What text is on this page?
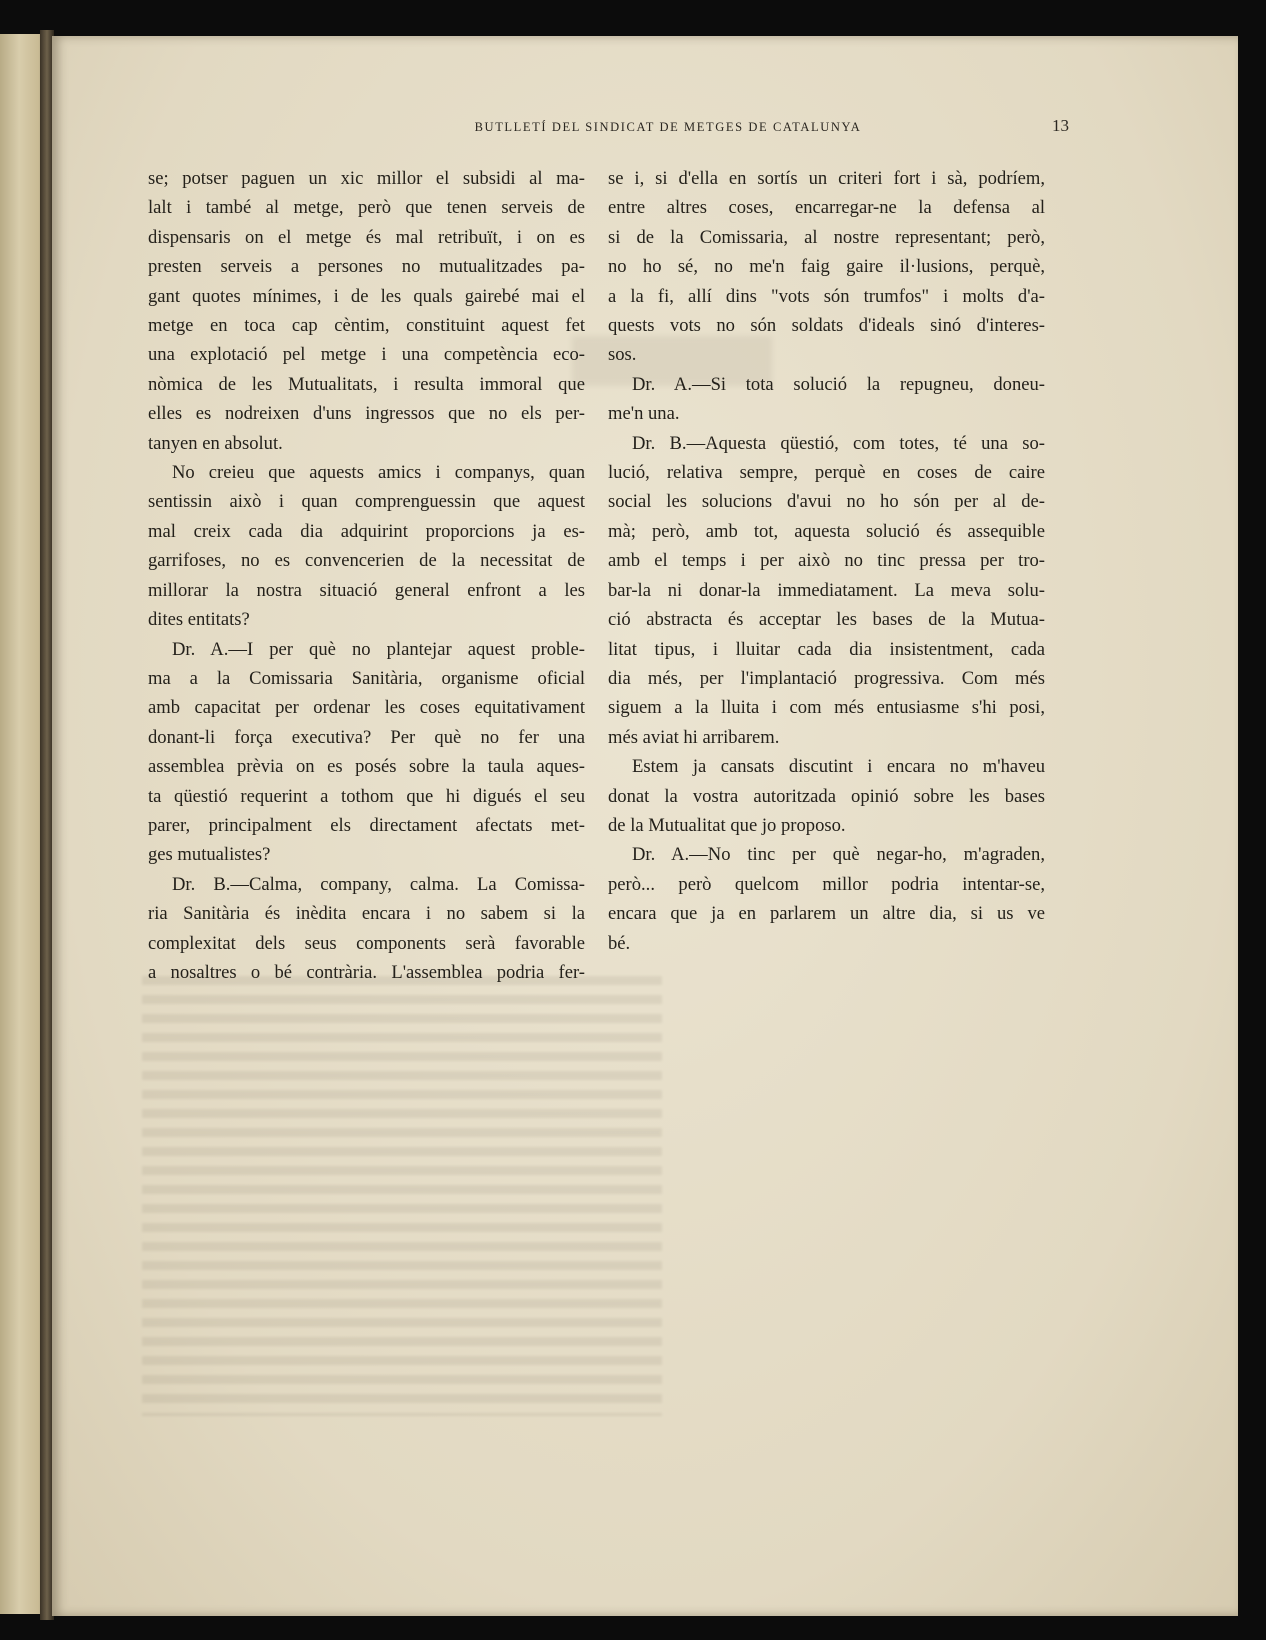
BUTLLETÍ DEL SINDICAT DE METGES DE CATALUNYA	13
se; potser paguen un xic millor el subsidi al ma-
lalt i també al metge, però que tenen serveis de
dispensaris on el metge és mal retribuït, i on es
presten serveis a persones no mutualitzades pa-
gant quotes mínimes, i de les quals gairebé mai el
metge en toca cap cèntim, constituint aquest fet
una explotació pel metge i una competència eco-
nòmica de les Mutualitats, i resulta immoral que
elles es nodreixen d'uns ingressos que no els per-
tanyen en absolut.
No creieu que aquests amics i companys, quan
sentissin això i quan comprenguessin que aquest
mal creix cada dia adquirint proporcions ja es-
garrifoses, no es convencerien de la necessitat de
millorar la nostra situació general enfront a les
dites entitats?
Dr. A.—I per què no plantejar aquest proble-
ma a la Comissaria Sanitària, organisme oficial
amb capacitat per ordenar les coses equitativament
donant-li força executiva? Per què no fer una
assemblea prèvia on es posés sobre la taula aques-
ta qüestió requerint a tothom que hi digués el seu
parer, principalment els directament afectats met-
ges mutualistes?
Dr. B.—Calma, company, calma. La Comissa-
ria Sanitària és inèdita encara i no sabem si la
complexitat dels seus components serà favorable
a nosaltres o bé contrària. L'assemblea podria fer-
se i, si d'ella en sortís un criteri fort i sà, podríem,
entre altres coses, encarregar-ne la defensa al
si de la Comissaria, al nostre representant; però,
no ho sé, no me'n faig gaire il·lusions, perquè,
a la fi, allí dins "vots són trumfos" i molts d'a-
quests vots no són soldats d'ideals sinó d'interes-
sos.
Dr. A.—Si tota solució la repugneu, doneu-
me'n una.
Dr. B.—Aquesta qüestió, com totes, té una so-
lució, relativa sempre, perquè en coses de caire
social les solucions d'avui no ho són per al de-
mà; però, amb tot, aquesta solució és assequible
amb el temps i per això no tinc pressa per tro-
bar-la ni donar-la immediatament. La meva solu-
ció abstracta és acceptar les bases de la Mutua-
litat tipus, i lluitar cada dia insistentment, cada
dia més, per l'implantació progressiva. Com més
siguem a la lluita i com més entusiasme s'hi posi,
més aviat hi arribarem.
Estem ja cansats discutint i encara no m'haveu
donat la vostra autoritzada opinió sobre les bases
de la Mutualitat que jo proposo.
Dr. A.—No tinc per què negar-ho, m'agraden,
però... però quelcom millor podria intentar-se,
encara que ja en parlarem un altre dia, si us ve
bé.
